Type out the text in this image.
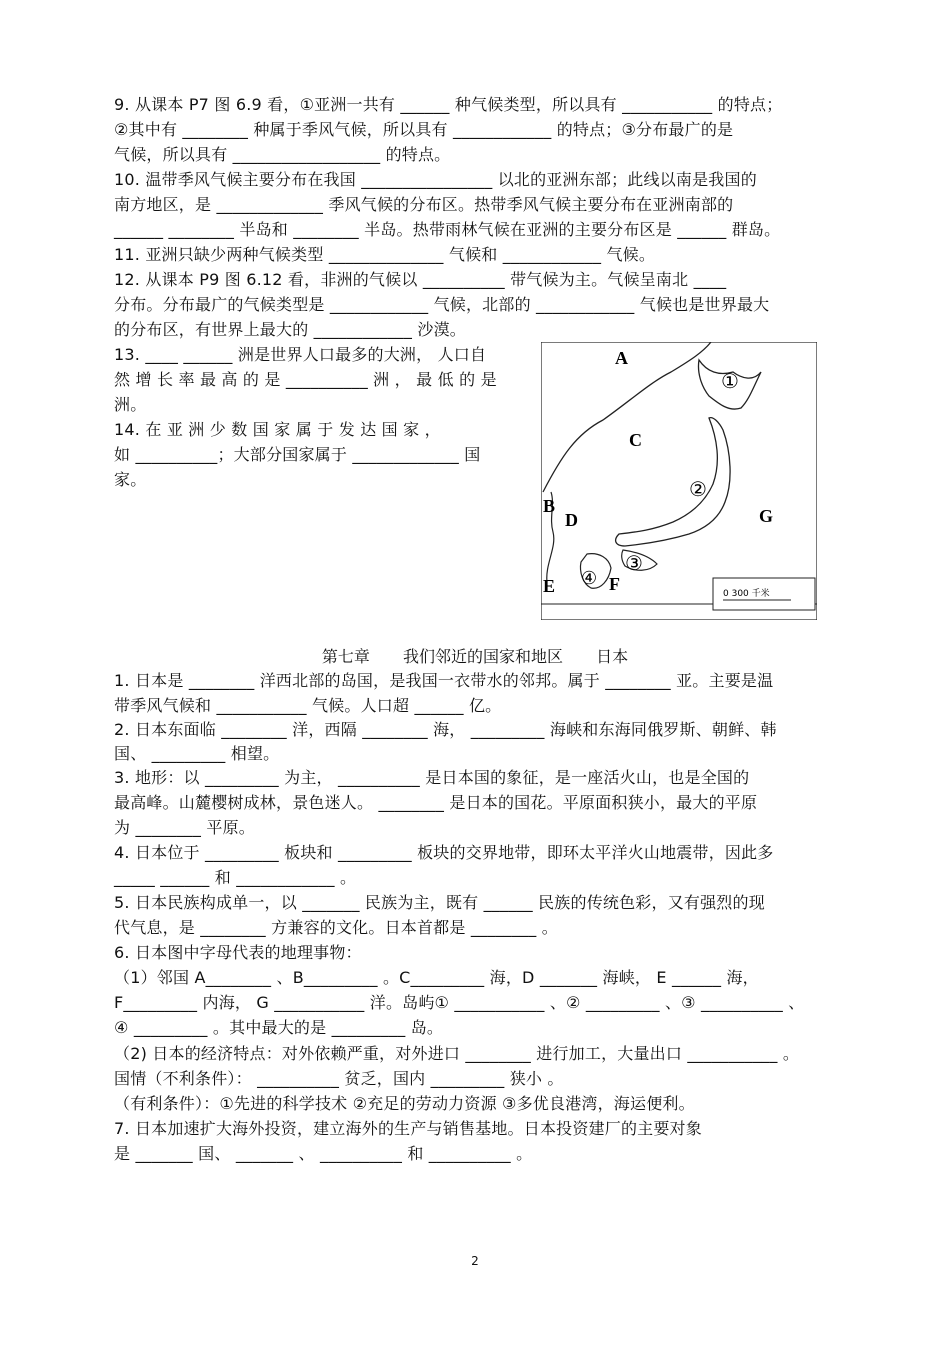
9. 从课本 P7 图 6.9 看，①亚洲一共有 ______ 种气候类型，所以具有 ___________ 的特点；
②其中有 ________ 种属于季风气候，所以具有 ____________ 的特点；③分布最广的是
气候，所以具有 __________________ 的特点。
10. 温带季风气候主要分布在我国 ________________ 以北的亚洲东部；此线以南是我国的
南方地区，是 _____________ 季风气候的分布区。热带季风气候主要分布在亚洲南部的
______ ________ 半岛和 ________ 半岛。热带雨林气候在亚洲的主要分布区是 ______ 群岛。
11. 亚洲只缺少两种气候类型 ______________ 气候和 ____________ 气候。
12. 从课本 P9 图 6.12 看，非洲的气候以 __________ 带气候为主。气候呈南北 ____
分布。分布最广的气候类型是 ____________ 气候，北部的 ____________ 气候也是世界最大
的分布区，有世界上最大的 ____________ 沙漠。
13. ____ ______ 洲是世界人口最多的大洲， 人口自
然 增 长 率 最 高 的 是 __________ 洲 ， 最 低 的 是
洲。
14. 在 亚 洲 少 数 国 家 属 于 发 达 国 家 ，
如 __________；大部分国家属于 _____________ 国
家。
A
B
C
D
E	F
G
①
②
③
④
0 300 千米
第七章 我们邻近的国家和地区 日本
1. 日本是 ________ 洋西北部的岛国，是我国一衣带水的邻邦。属于 ________ 亚。主要是温
带季风气候和 ___________ 气候。人口超 ______ 亿。
2. 日本东面临 ________ 洋，西隔 ________ 海， _________ 海峡和东海同俄罗斯、朝鲜、韩
国、 _________ 相望。
3. 地形：以 _________ 为主， __________ 是日本国的象征，是一座活火山，也是全国的
最高峰。山麓樱树成林，景色迷人。 ________ 是日本的国花。平原面积狭小，最大的平原
为 ________ 平原。
4. 日本位于 _________ 板块和 _________ 板块的交界地带，即环太平洋火山地震带，因此多
_____ ______ 和 ____________ 。
5. 日本民族构成单一，以 _______ 民族为主，既有 ______ 民族的传统色彩，又有强烈的现
代气息，是 ________ 方兼容的文化。日本首都是 ________ 。
6. 日本图中字母代表的地理事物：
（1）邻国 A________ 、B_________ 。C_________ 海，D _______ 海峡， E ______ 海，
F_________ 内海， G ___________ 洋。岛屿① ___________ 、② _________ 、③ __________ 、
④ _________ 。其中最大的是 _________ 岛。
（2) 日本的经济特点：对外依赖严重，对外进口 ________ 进行加工，大量出口 ___________ 。
国情（不利条件）： __________ 贫乏，国内 _________ 狭小 。
（有利条件）：①先进的科学技术 ②充足的劳动力资源 ③多优良港湾，海运便利。
7. 日本加速扩大海外投资，建立海外的生产与销售基地。日本投资建厂的主要对象
是 _______ 国、 _______ 、 __________ 和 __________ 。
2
